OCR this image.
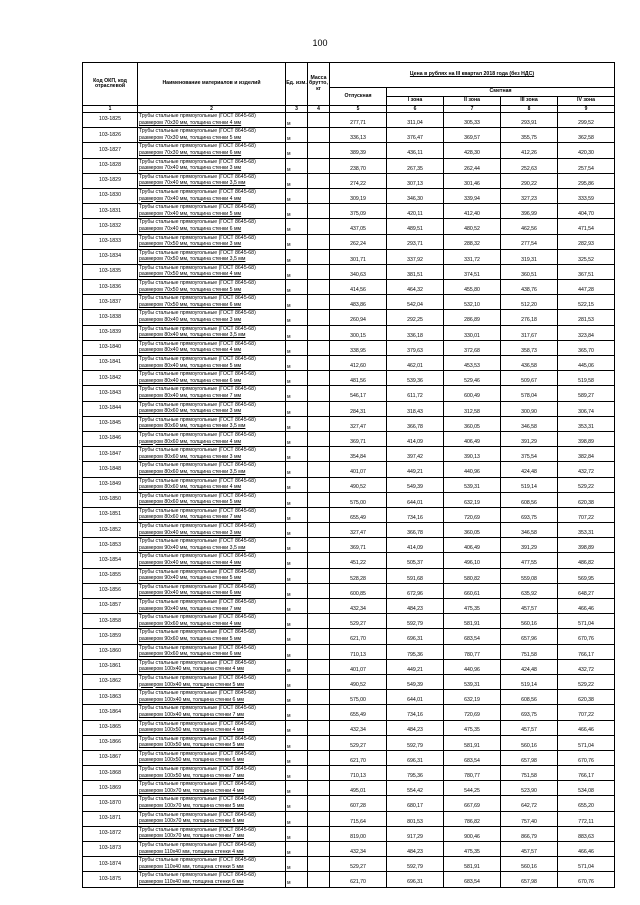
100
Код ОКП, код отраслевой	Наименование материалов и изделий	Ед. изм.	Масса брутто, кг	Цена в рублях на III квартал 2018 года (без НДС)				
				Отпускная	Сметная			
					I зона	II зона	III зона	IV зона
1	2	3	4	5	6	7	8	9
103-1825	Трубы стальные прямоугольные (ГОСТ 8645-68)
размером 70x30 мм, толщина стенки 4 мм	м		277,71	311,04	305,33	293,91	299,52
103-1826	Трубы стальные прямоугольные (ГОСТ 8645-68)
размером 70x30 мм, толщина стенки 5 мм	м		336,13	376,47	369,57	355,75	362,58
103-1827	Трубы стальные прямоугольные (ГОСТ 8645-68)
размером 70x30 мм, толщина стенки 6 мм	м		389,39	436,11	428,30	412,26	420,30
103-1828	Трубы стальные прямоугольные (ГОСТ 8645-68)
размером 70x40 мм, толщина стенки 3 мм	м		238,70	267,35	262,44	252,63	257,54
103-1829	Трубы стальные прямоугольные (ГОСТ 8645-68)
размером 70x40 мм, толщина стенки 3,5 мм	м		274,22	307,13	301,46	290,22	295,86
103-1830	Трубы стальные прямоугольные (ГОСТ 8645-68)
размером 70x40 мм, толщина стенки 4 мм	м		309,19	346,30	339,94	327,23	333,59
103-1831	Трубы стальные прямоугольные (ГОСТ 8645-68)
размером 70x40 мм, толщина стенки 5 мм	м		375,09	420,11	412,40	396,99	404,70
103-1832	Трубы стальные прямоугольные (ГОСТ 8645-68)
размером 70x40 мм, толщина стенки 6 мм	м		437,05	489,51	480,52	462,56	471,54
103-1833	Трубы стальные прямоугольные (ГОСТ 8645-68)
размером 70x50 мм, толщина стенки 3 мм	м		262,24	293,71	288,32	277,54	282,93
103-1834	Трубы стальные прямоугольные (ГОСТ 8645-68)
размером 70x50 мм, толщина стенки 3,5 мм	м		301,71	337,92	331,72	319,31	325,52
103-1835	Трубы стальные прямоугольные (ГОСТ 8645-68)
размером 70x50 мм, толщина стенки 4 мм	м		340,63	381,51	374,51	360,51	367,51
103-1836	Трубы стальные прямоугольные (ГОСТ 8645-68)
размером 70x50 мм, толщина стенки 5 мм	м		414,56	464,32	455,80	438,76	447,28
103-1837	Трубы стальные прямоугольные (ГОСТ 8645-68)
размером 70x50 мм, толщина стенки 6 мм	м		483,86	542,04	532,10	512,20	522,15
103-1838	Трубы стальные прямоугольные (ГОСТ 8645-68)
размером 80x40 мм, толщина стенки 3 мм	м		260,94	292,25	286,89	276,18	281,53
103-1839	Трубы стальные прямоугольные (ГОСТ 8645-68)
размером 80x40 мм, толщина стенки 3,5 мм	м		300,15	336,18	330,01	317,67	323,84
103-1840	Трубы стальные прямоугольные (ГОСТ 8645-68)
размером 80x40 мм, толщина стенки 4 мм	м		338,95	379,63	372,68	358,73	365,70
103-1841	Трубы стальные прямоугольные (ГОСТ 8645-68)
размером 80x40 мм, толщина стенки 5 мм	м		412,60	462,01	453,53	436,58	445,06
103-1842	Трубы стальные прямоугольные (ГОСТ 8645-68)
размером 80x40 мм, толщина стенки 6 мм	м		481,56	539,36	529,46	509,67	519,58
103-1843	Трубы стальные прямоугольные (ГОСТ 8645-68)
размером 80x40 мм, толщина стенки 7 мм	м		546,17	611,72	600,49	578,04	589,27
103-1844	Трубы стальные прямоугольные (ГОСТ 8645-68)
размером 80x60 мм, толщина стенки 3 мм	м		284,31	318,43	312,58	300,90	306,74
103-1845	Трубы стальные прямоугольные (ГОСТ 8645-68)
размером 80x60 мм, толщина стенки 3,5 мм	м		327,47	366,78	360,05	346,58	353,31
103-1846	Трубы стальные прямоугольные (ГОСТ 8645-68)
размером 80x60 мм, толщина стенки 4 мм	м		369,71	414,09	406,49	391,29	398,89
103-1847	Трубы стальные прямоугольные (ГОСТ 8645-68)
размером 80x60 мм, толщина стенки 3 мм	м		354,84	397,42	390,13	375,54	382,84
103-1848	Трубы стальные прямоугольные (ГОСТ 8645-68)
размером 80x60 мм, толщина стенки 3,5 мм	м		401,07	449,21	440,96	424,48	432,72
103-1849	Трубы стальные прямоугольные (ГОСТ 8645-68)
размером 80x60 мм, толщина стенки 4 мм	м		490,52	549,39	539,31	519,14	529,22
103-1850	Трубы стальные прямоугольные (ГОСТ 8645-68)
размером 80x60 мм, толщина стенки 5 мм	м		575,00	644,01	632,19	608,56	620,38
103-1851	Трубы стальные прямоугольные (ГОСТ 8645-68)
размером 80x60 мм, толщина стенки 7 мм	м		655,49	734,16	720,69	693,75	707,22
103-1852	Трубы стальные прямоугольные (ГОСТ 8645-68)
размером 90x40 мм, толщина стенки 3 мм	м		327,47	366,78	360,05	346,58	353,31
103-1853	Трубы стальные прямоугольные (ГОСТ 8645-68)
размером 90x40 мм, толщина стенки 3,5 мм	м		369,71	414,09	406,49	391,29	398,89
103-1854	Трубы стальные прямоугольные (ГОСТ 8645-68)
размером 90x40 мм, толщина стенки 4 мм	м		451,22	505,37	496,10	477,55	486,82
103-1855	Трубы стальные прямоугольные (ГОСТ 8645-68)
размером 90x40 мм, толщина стенки 5 мм	м		528,28	591,68	580,82	559,08	569,95
103-1856	Трубы стальные прямоугольные (ГОСТ 8645-68)
размером 90x40 мм, толщина стенки 6 мм	м		600,85	672,96	660,61	635,92	648,27
103-1857	Трубы стальные прямоугольные (ГОСТ 8645-68)
размером 90x40 мм, толщина стенки 7 мм	м		432,34	484,23	475,35	457,57	466,46
103-1858	Трубы стальные прямоугольные (ГОСТ 8645-68)
размером 90x60 мм, толщина стенки 4 мм	м		529,27	592,79	581,91	560,16	571,04
103-1859	Трубы стальные прямоугольные (ГОСТ 8645-68)
размером 90x60 мм, толщина стенки 5 мм	м		621,70	696,31	683,54	657,96	670,76
103-1860	Трубы стальные прямоугольные (ГОСТ 8645-68)
размером 90x60 мм, толщина стенки 6 мм	м		710,13	795,36	780,77	751,58	766,17
103-1861	Трубы стальные прямоугольные (ГОСТ 8645-68)
размером 100x40 мм, толщина стенки 4 мм	м		401,07	449,21	440,96	424,48	432,72
103-1862	Трубы стальные прямоугольные (ГОСТ 8645-68)
размером 100x40 мм, толщина стенки 5 мм	м		490,52	549,39	539,31	519,14	529,22
103-1863	Трубы стальные прямоугольные (ГОСТ 8645-68)
размером 100x40 мм, толщина стенки 6 мм	м		575,00	644,01	632,19	608,56	620,38
103-1864	Трубы стальные прямоугольные (ГОСТ 8645-68)
размером 100x40 мм, толщина стенки 7 мм	м		655,49	734,16	720,69	693,75	707,22
103-1865	Трубы стальные прямоугольные (ГОСТ 8645-68)
размером 100x50 мм, толщина стенки 4 мм	м		432,34	484,23	475,35	457,57	466,46
103-1866	Трубы стальные прямоугольные (ГОСТ 8645-68)
размером 100x50 мм, толщина стенки 5 мм	м		529,27	592,79	581,91	560,16	571,04
103-1867	Трубы стальные прямоугольные (ГОСТ 8645-68)
размером 100x50 мм, толщина стенки 6 мм	м		621,70	696,31	683,54	657,98	670,76
103-1868	Трубы стальные прямоугольные (ГОСТ 8645-68)
размером 100x50 мм, толщина стенки 7 мм	м		710,13	795,36	780,77	751,58	766,17
103-1869	Трубы стальные прямоугольные (ГОСТ 8645-68)
размером 100x70 мм, толщина стенки 4 мм	м		495,01	554,42	544,25	523,90	534,08
103-1870	Трубы стальные прямоугольные (ГОСТ 8645-68)
размером 100x70 мм, толщина стенки 5 мм	м		607,28	680,17	667,69	642,72	655,20
103-1871	Трубы стальные прямоугольные (ГОСТ 8645-68)
размером 100x70 мм, толщина стенки 6 мм	м		715,64	801,53	786,82	757,40	772,11
103-1872	Трубы стальные прямоугольные (ГОСТ 8645-68)
размером 100x70 мм, толщина стенки 7 мм	м		819,00	917,29	900,46	866,79	883,63
103-1873	Трубы стальные прямоугольные (ГОСТ 8645-68)
размером 110x40 мм, толщина стенки 4 мм	м		432,34	484,23	475,35	457,57	466,46
103-1874	Трубы стальные прямоугольные (ГОСТ 8645-68)
размером 110x40 мм, толщина стенки 5 мм	м		529,27	592,79	581,91	560,16	571,04
103-1875	Трубы стальные прямоугольные (ГОСТ 8645-68)
размером 110x40 мм, толщина стенки 6 мм	м		621,70	696,31	683,54	657,98	670,76
